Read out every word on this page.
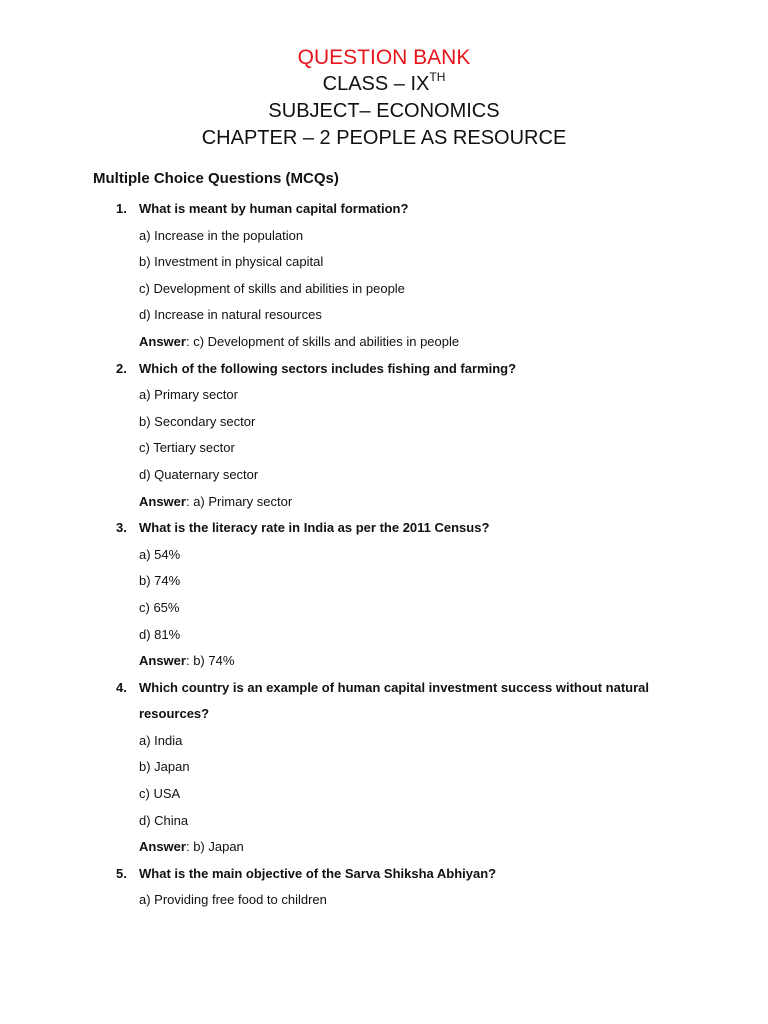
QUESTION BANK
CLASS – IXTH
SUBJECT– ECONOMICS
CHAPTER – 2 PEOPLE AS RESOURCE
Multiple Choice Questions (MCQs)
1. What is meant by human capital formation?
a) Increase in the population
b) Investment in physical capital
c) Development of skills and abilities in people
d) Increase in natural resources
Answer: c) Development of skills and abilities in people
2. Which of the following sectors includes fishing and farming?
a) Primary sector
b) Secondary sector
c) Tertiary sector
d) Quaternary sector
Answer: a) Primary sector
3. What is the literacy rate in India as per the 2011 Census?
a) 54%
b) 74%
c) 65%
d) 81%
Answer: b) 74%
4. Which country is an example of human capital investment success without natural
resources?
a) India
b) Japan
c) USA
d) China
Answer: b) Japan
5. What is the main objective of the Sarva Shiksha Abhiyan?
a) Providing free food to children
